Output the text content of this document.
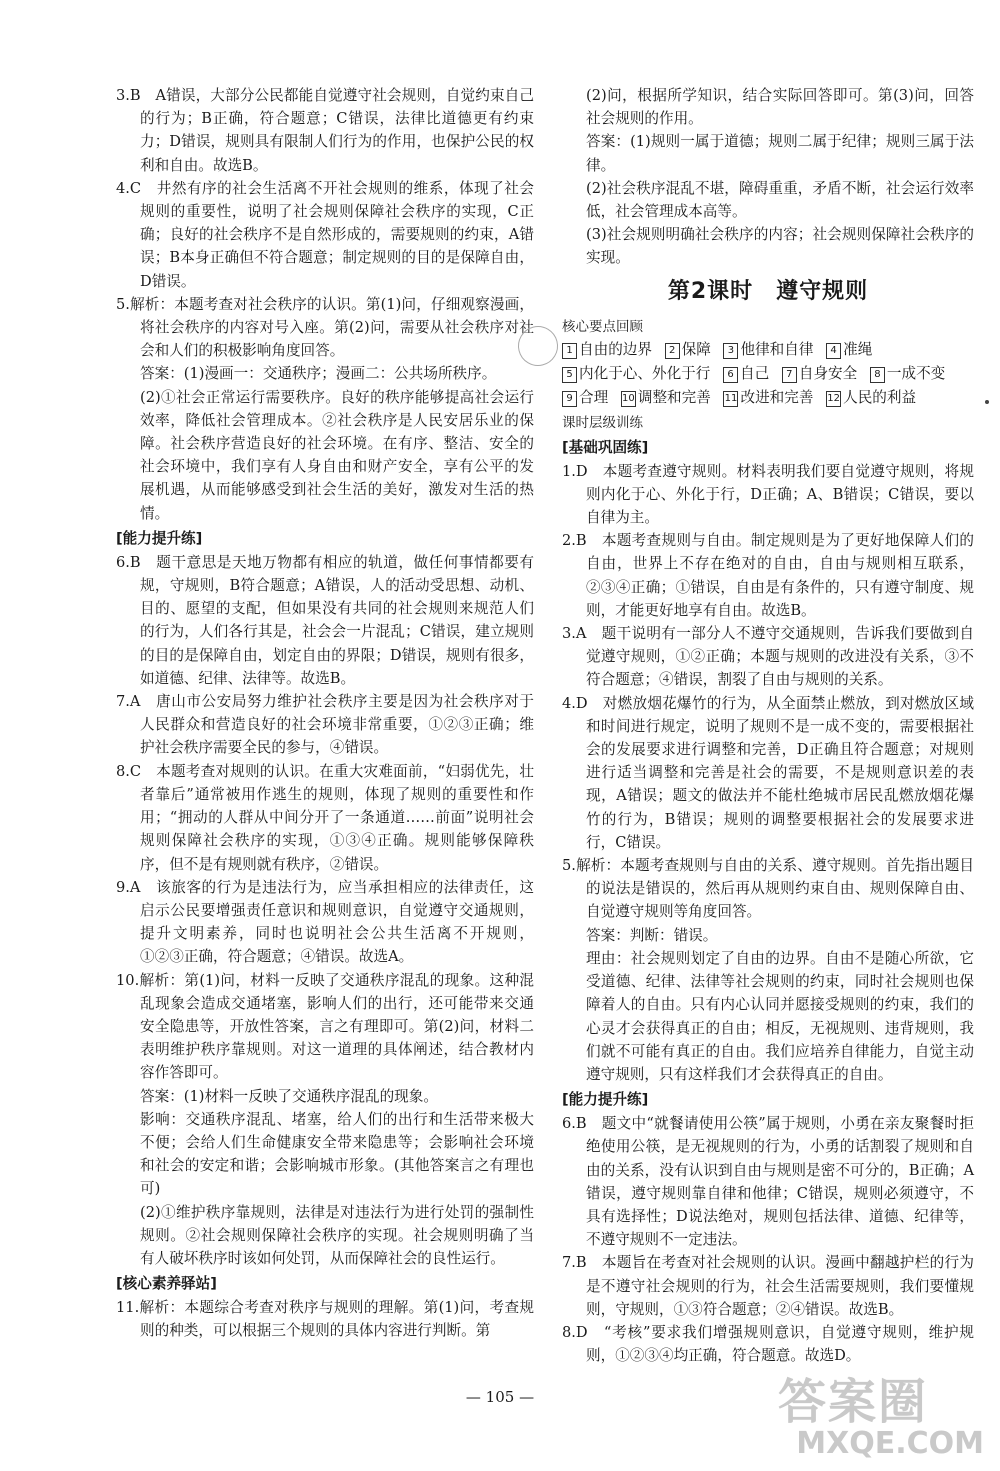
3.B　A错误，大部分公民都能自觉遵守社会规则，自觉约束自己的行为；B正确，符合题意；C错误，法律比道德更有约束力；D错误，规则具有限制人们行为的作用，也保护公民的权利和自由。故选B。

4.C　井然有序的社会生活离不开社会规则的维系，体现了社会规则的重要性，说明了社会规则保障社会秩序的实现，C正确；良好的社会秩序不是自然形成的，需要规则的约束，A错误；B本身正确但不符合题意；制定规则的目的是保障自由，D错误。

5.解析：本题考查对社会秩序的认识。第(1)问，仔细观察漫画，将社会秩序的内容对号入座。第(2)问，需要从社会秩序对社会和人们的积极影响角度回答。

答案：(1)漫画一：交通秩序；漫画二：公共场所秩序。

(2)①社会正常运行需要秩序。良好的秩序能够提高社会运行效率，降低社会管理成本。②社会秩序是人民安居乐业的保障。社会秩序营造良好的社会环境。在有序、整洁、安全的社会环境中，我们享有人身自由和财产安全，享有公平的发展机遇，从而能够感受到社会生活的美好，激发对生活的热情。

[能力提升练]

6.B　题干意思是天地万物都有相应的轨道，做任何事情都要有规，守规则，B符合题意；A错误，人的活动受思想、动机、目的、愿望的支配，但如果没有共同的社会规则来规范人们的行为，人们各行其是，社会会一片混乱；C错误，建立规则的目的是保障自由，划定自由的界限；D错误，规则有很多，如道德、纪律、法律等。故选B。

7.A　唐山市公安局努力维护社会秩序主要是因为社会秩序对于人民群众和营造良好的社会环境非常重要，①②③正确；维护社会秩序需要全民的参与，④错误。

8.C　本题考查对规则的认识。在重大灾难面前，“妇弱优先，壮者靠后”通常被用作逃生的规则，体现了规则的重要性和作用；“拥动的人群从中间分开了一条通道……前面”说明社会规则保障社会秩序的实现，①③④正确。规则能够保障秩序，但不是有规则就有秩序，②错误。

9.A　该旅客的行为是违法行为，应当承担相应的法律责任，这启示公民要增强责任意识和规则意识，自觉遵守交通规则，提升文明素养，同时也说明社会公共生活离不开规则，①②③正确，符合题意；④错误。故选A。

10.解析：第(1)问，材料一反映了交通秩序混乱的现象。这种混乱现象会造成交通堵塞，影响人们的出行，还可能带来交通安全隐患等，开放性答案，言之有理即可。第(2)问，材料二表明维护秩序靠规则。对这一道理的具体阐述，结合教材内容作答即可。

答案：(1)材料一反映了交通秩序混乱的现象。

影响：交通秩序混乱、堵塞，给人们的出行和生活带来极大不便；会给人们生命健康安全带来隐患等；会影响社会环境和社会的安定和谐；会影响城市形象。(其他答案言之有理也可)

(2)①维护秩序靠规则，法律是对违法行为进行处罚的强制性规则。②社会规则保障社会秩序的实现。社会规则明确了当有人破坏秩序时该如何处罚，从而保障社会的良性运行。

[核心素养驿站]

11.解析：本题综合考查对秩序与规则的理解。第(1)问，考查规则的种类，可以根据三个规则的具体内容进行判断。第

(2)问，根据所学知识，结合实际回答即可。第(3)问，回答社会规则的作用。

答案：(1)规则一属于道德；规则二属于纪律；规则三属于法律。

(2)社会秩序混乱不堪，障碍重重，矛盾不断，社会运行效率低，社会管理成本高等。

(3)社会规则明确社会秩序的内容；社会规则保障社会秩序的实现。

第2课时　遵守规则

核心要点回顾

1 自由的边界 2 保障 3 他律和自律 4 准绳 5 内化于心、外化于行 6 自己 7 自身安全 8 一成不变 9 合理 10 调整和完善 11 改进和完善 12 人民的利益

课时层级训练

[基础巩固练]

1.D　本题考查遵守规则。材料表明我们要自觉遵守规则，将规则内化于心、外化于行，D正确；A、B错误；C错误，要以自律为主。

2.B　本题考查规则与自由。制定规则是为了更好地保障人们的自由，世界上不存在绝对的自由，自由与规则相互联系，②③④正确；①错误，自由是有条件的，只有遵守制度、规则，才能更好地享有自由。故选B。

3.A　题干说明有一部分人不遵守交通规则，告诉我们要做到自觉遵守规则，①②正确；本题与规则的改进没有关系，③不符合题意；④错误，割裂了自由与规则的关系。

4.D　对燃放烟花爆竹的行为，从全面禁止燃放，到对燃放区域和时间进行规定，说明了规则不是一成不变的，需要根据社会的发展要求进行调整和完善，D正确且符合题意；对规则进行适当调整和完善是社会的需要，不是规则意识差的表现，A错误；题文的做法并不能杜绝城市居民乱燃放烟花爆竹的行为，B错误；规则的调整要根据社会的发展要求进行，C错误。

5.解析：本题考查规则与自由的关系、遵守规则。首先指出题目的说法是错误的，然后再从规则约束自由、规则保障自由、自觉遵守规则等角度回答。

答案：判断：错误。

理由：社会规则划定了自由的边界。自由不是随心所欲，它受道德、纪律、法律等社会规则的约束，同时社会规则也保障着人的自由。只有内心认同并愿接受规则的约束，我们的心灵才会获得真正的自由；相反，无视规则、违背规则，我们就不可能有真正的自由。我们应培养自律能力，自觉主动遵守规则，只有这样我们才会获得真正的自由。

[能力提升练]

6.B　题文中“就餐请使用公筷”属于规则，小勇在亲友聚餐时拒绝使用公筷，是无视规则的行为，小勇的话割裂了规则和自由的关系，没有认识到自由与规则是密不可分的，B正确；A错误，遵守规则靠自律和他律；C错误，规则必须遵守，不具有选择性；D说法绝对，规则包括法律、道德、纪律等，不遵守规则不一定违法。

7.B　本题旨在考查对社会规则的认识。漫画中翻越护栏的行为是不遵守社会规则的行为，社会生活需要规则，我们要懂规则，守规则，①③符合题意；②④错误。故选B。

8.D　“考核”要求我们增强规则意识，自觉遵守规则，维护规则，①②③④均正确，符合题意。故选D。

— 105 —	答案圈
MXQE.COM
